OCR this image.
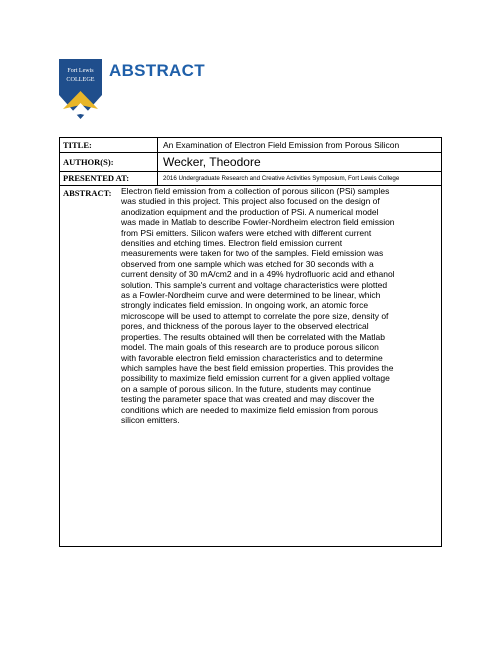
Fort Lewis
COLLEGE ABSTRACT
TITLE:	An Examination of Electron Field Emission from Porous Silicon
AUTHOR(S):	Wecker, Theodore
PRESENTED AT:	2016 Undergraduate Research and Creative Activities Symposium, Fort Lewis College
ABSTRACT: Electron field emission from a collection of porous silicon (PSi) samples
was studied in this project. This project also focused on the design of
anodization equipment and the production of PSi. A numerical model
was made in Matlab to describe Fowler-Nordheim electron field emission
from PSi emitters. Silicon wafers were etched with different current
densities and etching times. Electron field emission current
measurements were taken for two of the samples. Field emission was
observed from one sample which was etched for 30 seconds with a
current density of 30 mA/cm2 and in a 49% hydrofluoric acid and ethanol
solution. This sample's current and voltage characteristics were plotted
as a Fowler-Nordheim curve and were determined to be linear, which
strongly indicates field emission. In ongoing work, an atomic force
microscope will be used to attempt to correlate the pore size, density of
pores, and thickness of the porous layer to the observed electrical
properties. The results obtained will then be correlated with the Matlab
model. The main goals of this research are to produce porous silicon
with favorable electron field emission characteristics and to determine
which samples have the best field emission properties. This provides the
possibility to maximize field emission current for a given applied voltage
on a sample of porous silicon. In the future, students may continue
testing the parameter space that was created and may discover the
conditions which are needed to maximize field emission from porous
silicon emitters.
